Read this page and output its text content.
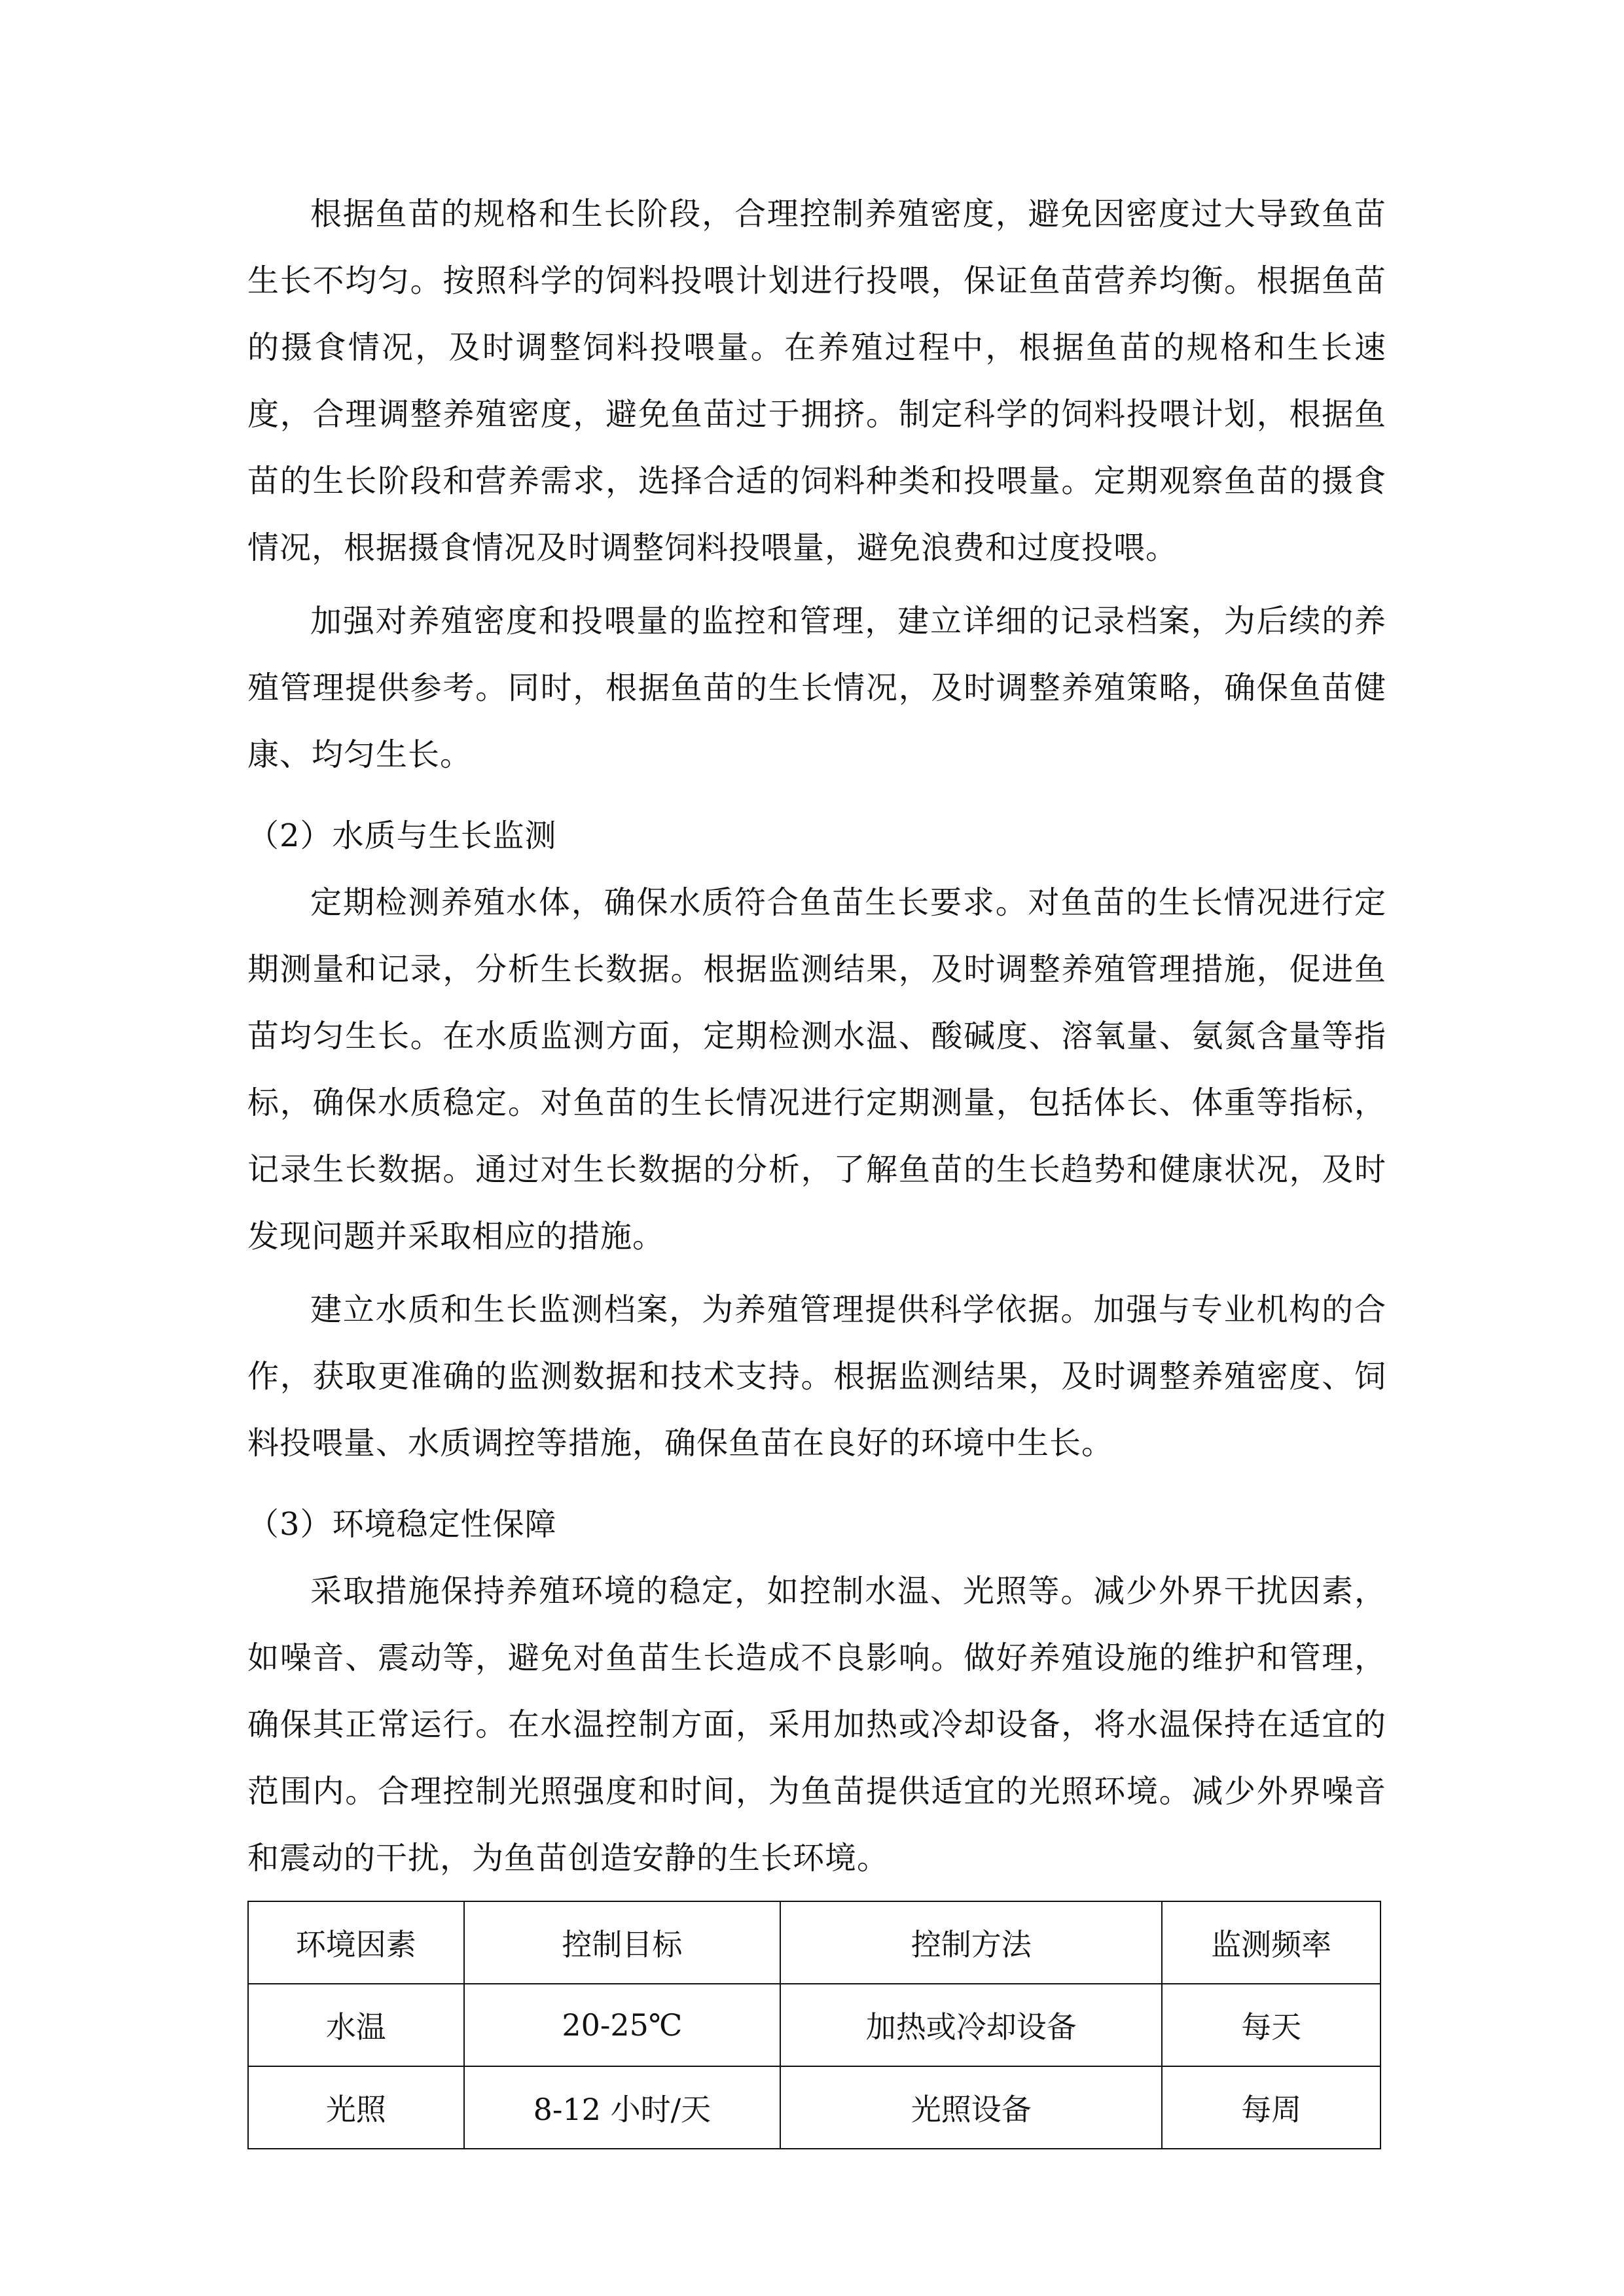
根据鱼苗的规格和生长阶段，合理控制养殖密度，避免因密度过大导致鱼苗生长不均匀。按照科学的饲料投喂计划进行投喂，保证鱼苗营养均衡。根据鱼苗的摄食情况，及时调整饲料投喂量。在养殖过程中，根据鱼苗的规格和生长速度，合理调整养殖密度，避免鱼苗过于拥挤。制定科学的饲料投喂计划，根据鱼苗的生长阶段和营养需求，选择合适的饲料种类和投喂量。定期观察鱼苗的摄食情况，根据摄食情况及时调整饲料投喂量，避免浪费和过度投喂。

加强对养殖密度和投喂量的监控和管理，建立详细的记录档案，为后续的养殖管理提供参考。同时，根据鱼苗的生长情况，及时调整养殖策略，确保鱼苗健康、均匀生长。

（2）水质与生长监测

定期检测养殖水体，确保水质符合鱼苗生长要求。对鱼苗的生长情况进行定期测量和记录，分析生长数据。根据监测结果，及时调整养殖管理措施，促进鱼苗均匀生长。在水质监测方面，定期检测水温、酸碱度、溶氧量、氨氮含量等指标，确保水质稳定。对鱼苗的生长情况进行定期测量，包括体长、体重等指标，记录生长数据。通过对生长数据的分析，了解鱼苗的生长趋势和健康状况，及时发现问题并采取相应的措施。

建立水质和生长监测档案，为养殖管理提供科学依据。加强与专业机构的合作，获取更准确的监测数据和技术支持。根据监测结果，及时调整养殖密度、饲料投喂量、水质调控等措施，确保鱼苗在良好的环境中生长。

（3）环境稳定性保障

采取措施保持养殖环境的稳定，如控制水温、光照等。减少外界干扰因素，如噪音、震动等，避免对鱼苗生长造成不良影响。做好养殖设施的维护和管理，确保其正常运行。在水温控制方面，采用加热或冷却设备，将水温保持在适宜的范围内。合理控制光照强度和时间，为鱼苗提供适宜的光照环境。减少外界噪音和震动的干扰，为鱼苗创造安静的生长环境。

环境因素	控制目标	控制方法	监测频率
水温	20-25℃	加热或冷却设备	每天
光照	8-12 小时/天	光照设备	每周
